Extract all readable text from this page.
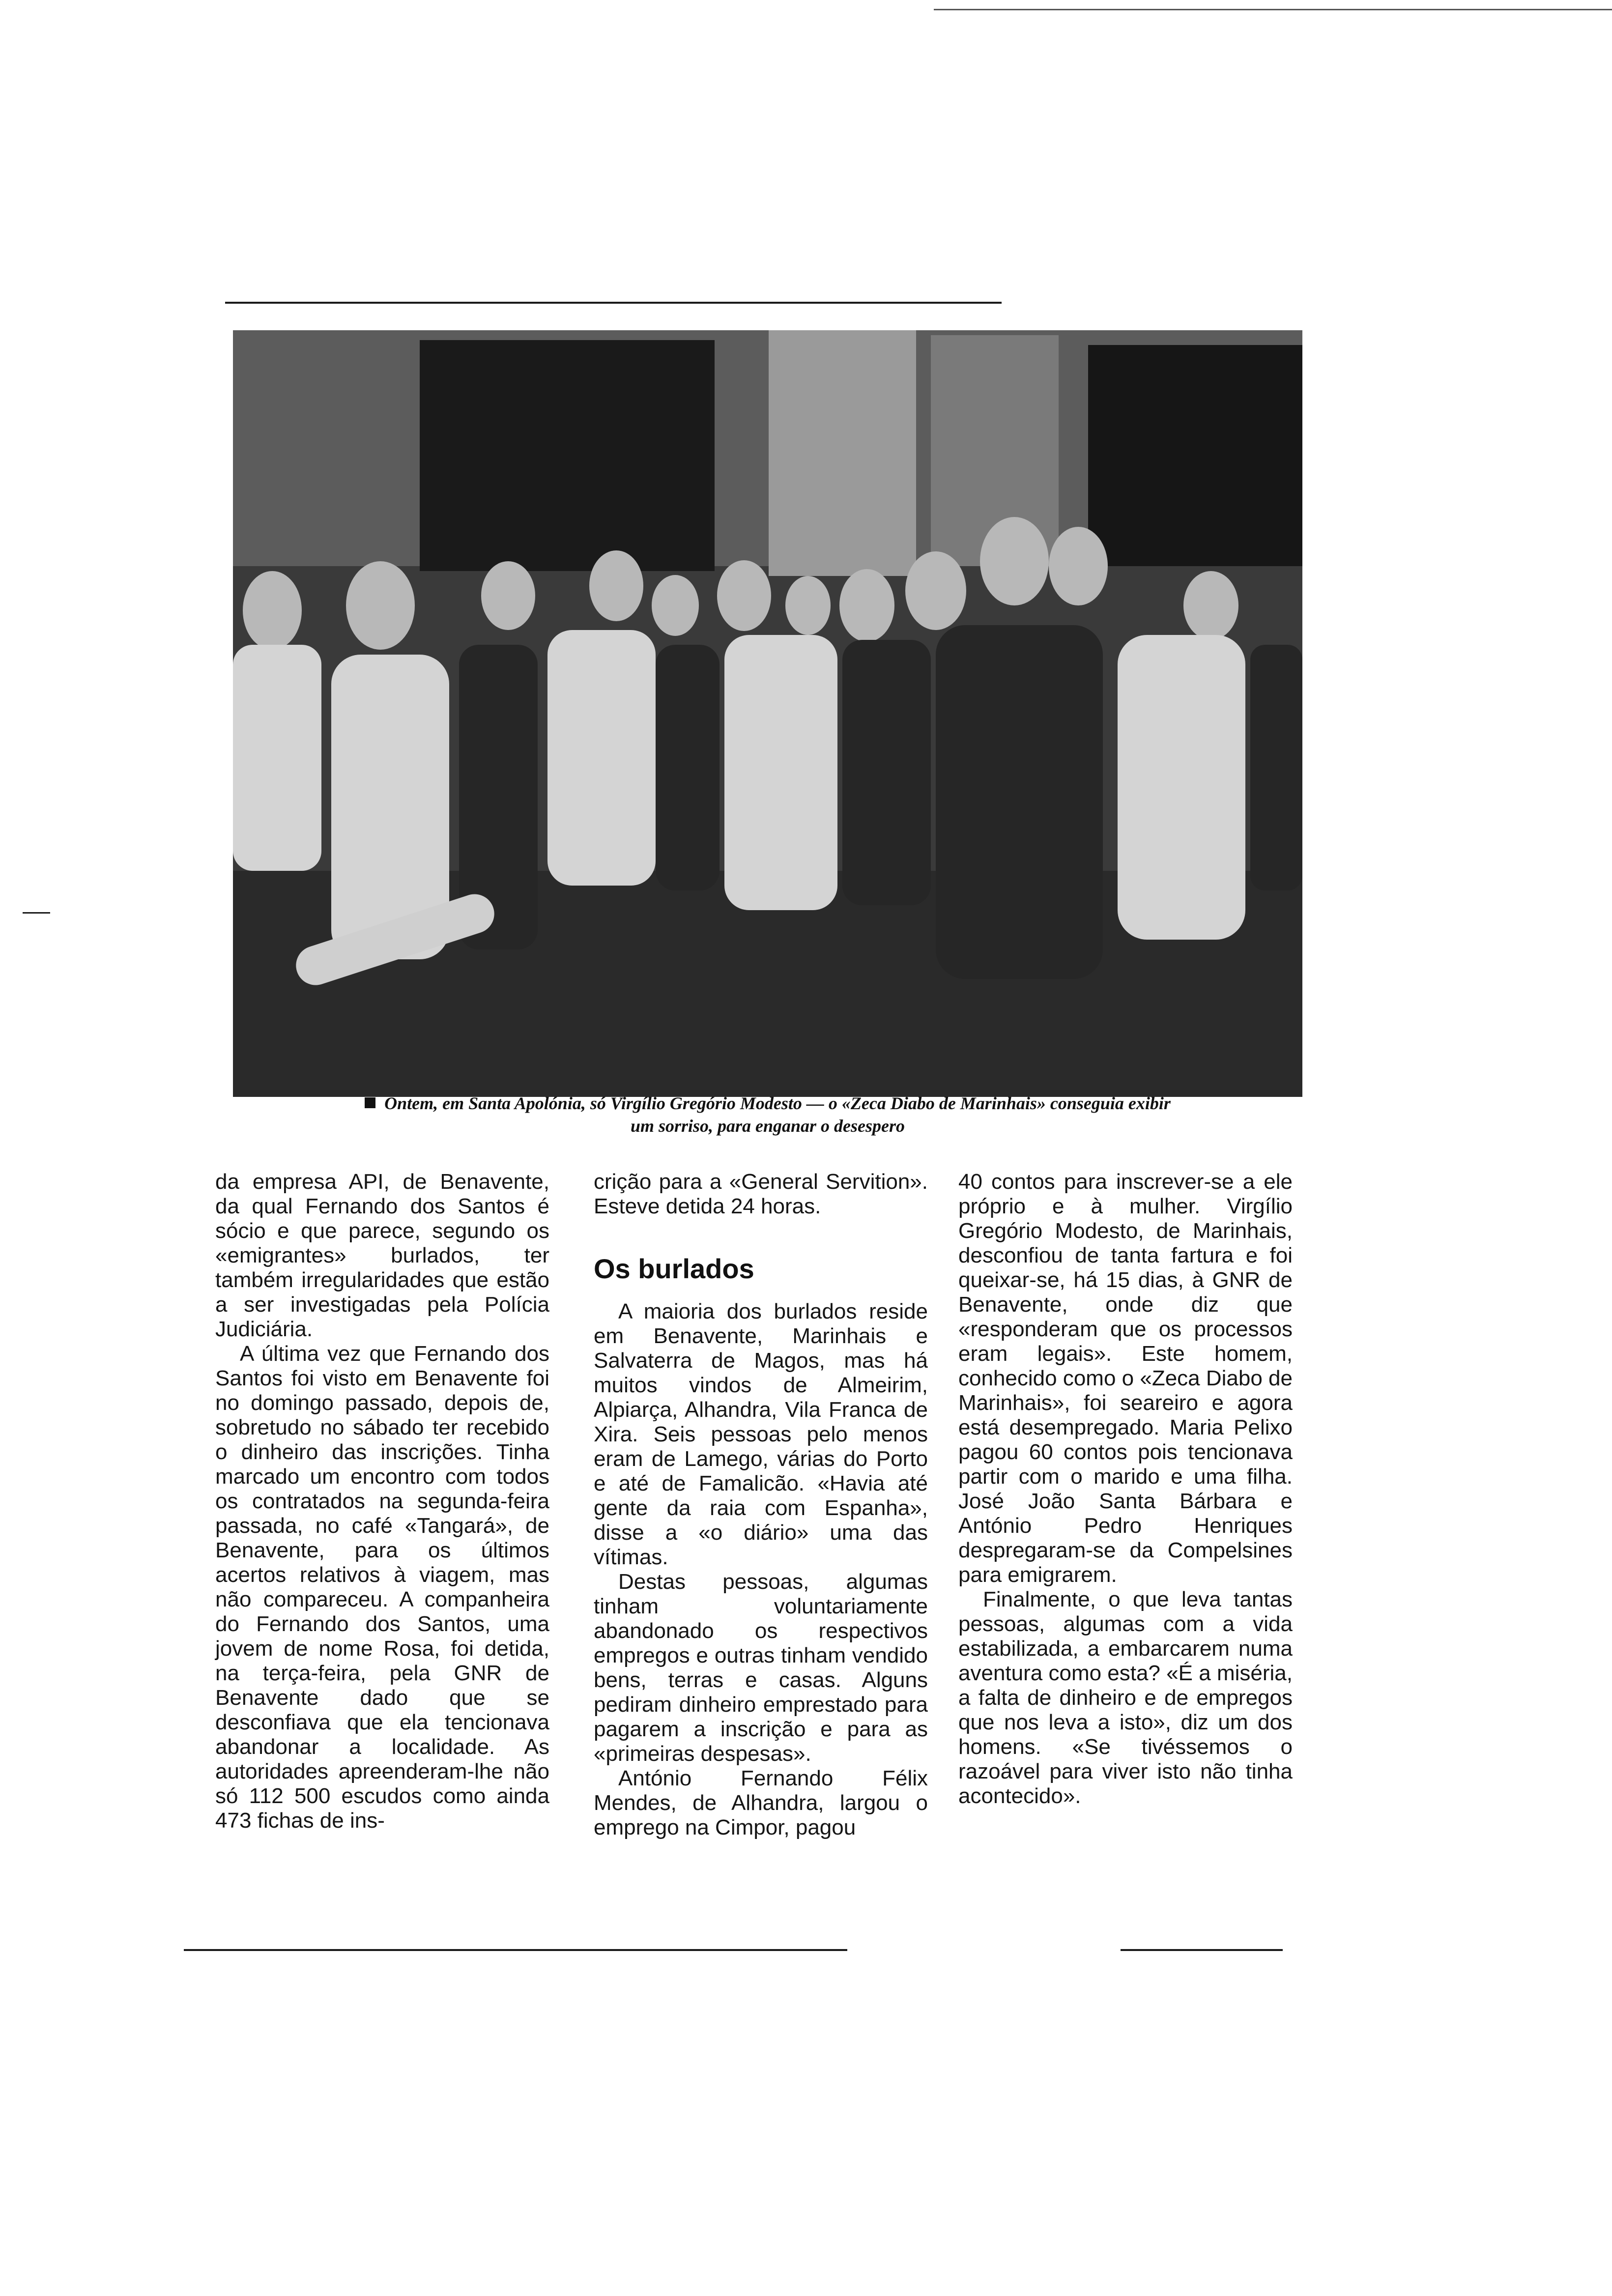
Ontem, em Santa Apolónia, só Virgílio Gregório Modesto — o «Zeca Diabo de Marinhais» conseguia exibir
um sorriso, para enganar o desespero

da empresa API, de Benavente, da qual Fernando dos Santos é sócio e que parece, segundo os «emigrantes» burlados, ter também irregularidades que estão a ser investigadas pela Polícia Judiciária.

A última vez que Fernando dos Santos foi visto em Benavente foi no domingo passado, depois de, sobretudo no sábado ter recebido o dinheiro das inscrições. Tinha marcado um encontro com todos os contratados na segunda-feira passada, no café «Tangará», de Benavente, para os últimos acertos relativos à viagem, mas não compareceu. A companheira do Fernando dos Santos, uma jovem de nome Rosa, foi detida, na terça-feira, pela GNR de Benavente dado que se desconfiava que ela tencionava abandonar a localidade. As autoridades apreenderam-lhe não só 112 500 escudos como ainda 473 fichas de ins-

crição para a «General Servition». Esteve detida 24 horas.

Os burlados

A maioria dos burlados reside em Benavente, Marinhais e Salvaterra de Magos, mas há muitos vindos de Almeirim, Alpiarça, Alhandra, Vila Franca de Xira. Seis pessoas pelo menos eram de Lamego, várias do Porto e até de Famalicão. «Havia até gente da raia com Espanha», disse a «o diário» uma das vítimas.

Destas pessoas, algumas tinham voluntariamente abandonado os respectivos empregos e outras tinham vendido bens, terras e casas. Alguns pediram dinheiro emprestado para pagarem a inscrição e para as «primeiras despesas».

António Fernando Félix Mendes, de Alhandra, largou o emprego na Cimpor, pagou

40 contos para inscrever-se a ele próprio e à mulher. Virgílio Gregório Modesto, de Marinhais, desconfiou de tanta fartura e foi queixar-se, há 15 dias, à GNR de Benavente, onde diz que «responderam que os processos eram legais». Este homem, conhecido como o «Zeca Diabo de Marinhais», foi seareiro e agora está desempregado. Maria Pelixo pagou 60 contos pois tencionava partir com o marido e uma filha. José João Santa Bárbara e António Pedro Henriques despregaram-se da Compelsines para emigrarem.

Finalmente, o que leva tantas pessoas, algumas com a vida estabilizada, a embarcarem numa aventura como esta? «É a miséria, a falta de dinheiro e de empregos que nos leva a isto», diz um dos homens. «Se tivéssemos o razoável para viver isto não tinha acontecido».
